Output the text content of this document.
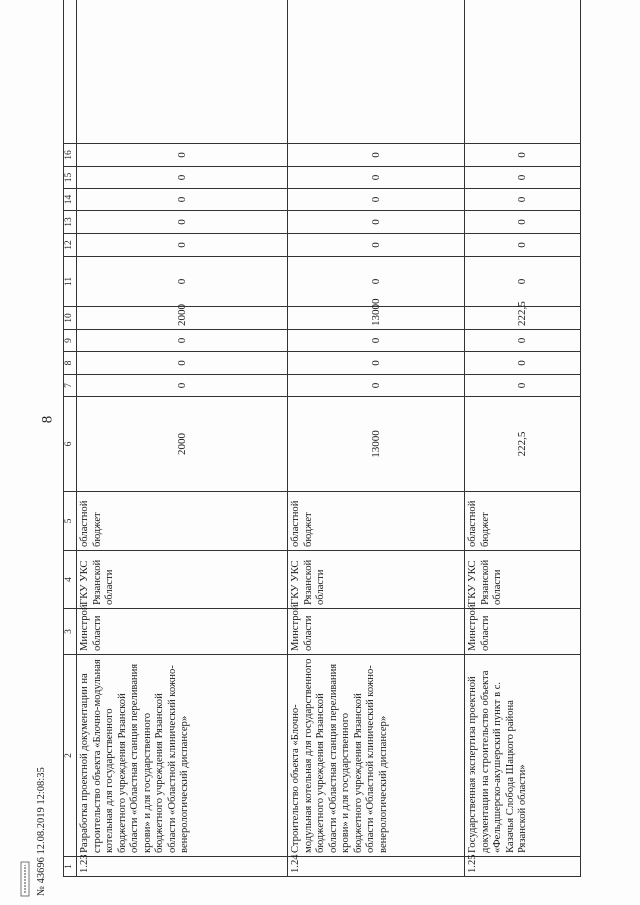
8
1	2	3	4	5	6	7	8	9	10	11	12	13	14	15	16	
1.23	Разработка проектной документации на строительство объекта «Блочно-модульная котельная для государственного бюджетного учреждения Рязанской области «Областная станция переливания крови» и для государственного бюджетного учреждения Рязанской области «Областной клинический кожно-венерологический диспансер»	Минстрой области	ГКУ УКС Рязанской области	областной бюджет	2000	0	0	0	2000	0	0	0	0	0	0	
1.24	Строительство объекта «Блочно-модульная котельная для государственного бюджетного учреждения Рязанской области «Областная станция переливания крови» и для государственного бюджетного учреждения Рязанской области «Областной клинический кожно-венерологический диспансер»	Минстрой области	ГКУ УКС Рязанской области	областной бюджет	13000	0	0	0	13000	0	0	0	0	0	0	
1.25	Государственная экспертиза проектной документации на строительство объекта «Фельдшерско-акушерский пункт в с. Казачья Слобода Шацкого района Рязанской области»	Минстрой области	ГКУ УКС Рязанской области	областной бюджет	222,5	0	0	0	222,5	0	0	0	0	0	0	
№ 43696 12.08.2019 12:08:35
